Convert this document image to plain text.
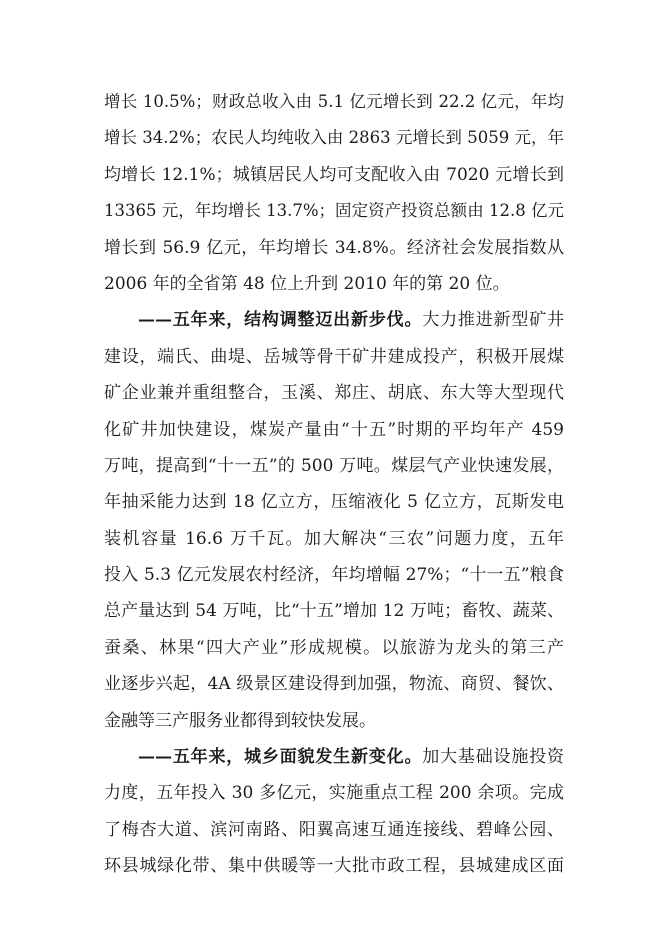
增长 10.5%；财政总收入由 5.1 亿元增长到 22.2 亿元，年均
增长 34.2%；农民人均纯收入由 2863 元增长到 5059 元，年
均增长 12.1%；城镇居民人均可支配收入由 7020 元增长到
13365 元，年均增长 13.7%；固定资产投资总额由 12.8 亿元
增长到 56.9 亿元，年均增长 34.8%。经济社会发展指数从
2006 年的全省第 48 位上升到 2010 年的第 20 位。
——五年来，结构调整迈出新步伐。大力推进新型矿井
建设，端氏、曲堤、岳城等骨干矿井建成投产，积极开展煤
矿企业兼并重组整合，玉溪、郑庄、胡底、东大等大型现代
化矿井加快建设，煤炭产量由“十五”时期的平均年产 459
万吨，提高到“十一五”的 500 万吨。煤层气产业快速发展，
年抽采能力达到 18 亿立方，压缩液化 5 亿立方，瓦斯发电
装机容量 16.6 万千瓦。加大解决“三农”问题力度，五年
投入 5.3 亿元发展农村经济，年均增幅 27%；“十一五”粮食
总产量达到 54 万吨，比“十五”增加 12 万吨；畜牧、蔬菜、
蚕桑、林果“四大产业”形成规模。以旅游为龙头的第三产
业逐步兴起，4A 级景区建设得到加强，物流、商贸、餐饮、
金融等三产服务业都得到较快发展。
——五年来，城乡面貌发生新变化。加大基础设施投资
力度，五年投入 30 多亿元，实施重点工程 200 余项。完成
了梅杏大道、滨河南路、阳翼高速互通连接线、碧峰公园、
环县城绿化带、集中供暖等一大批市政工程，县城建成区面
